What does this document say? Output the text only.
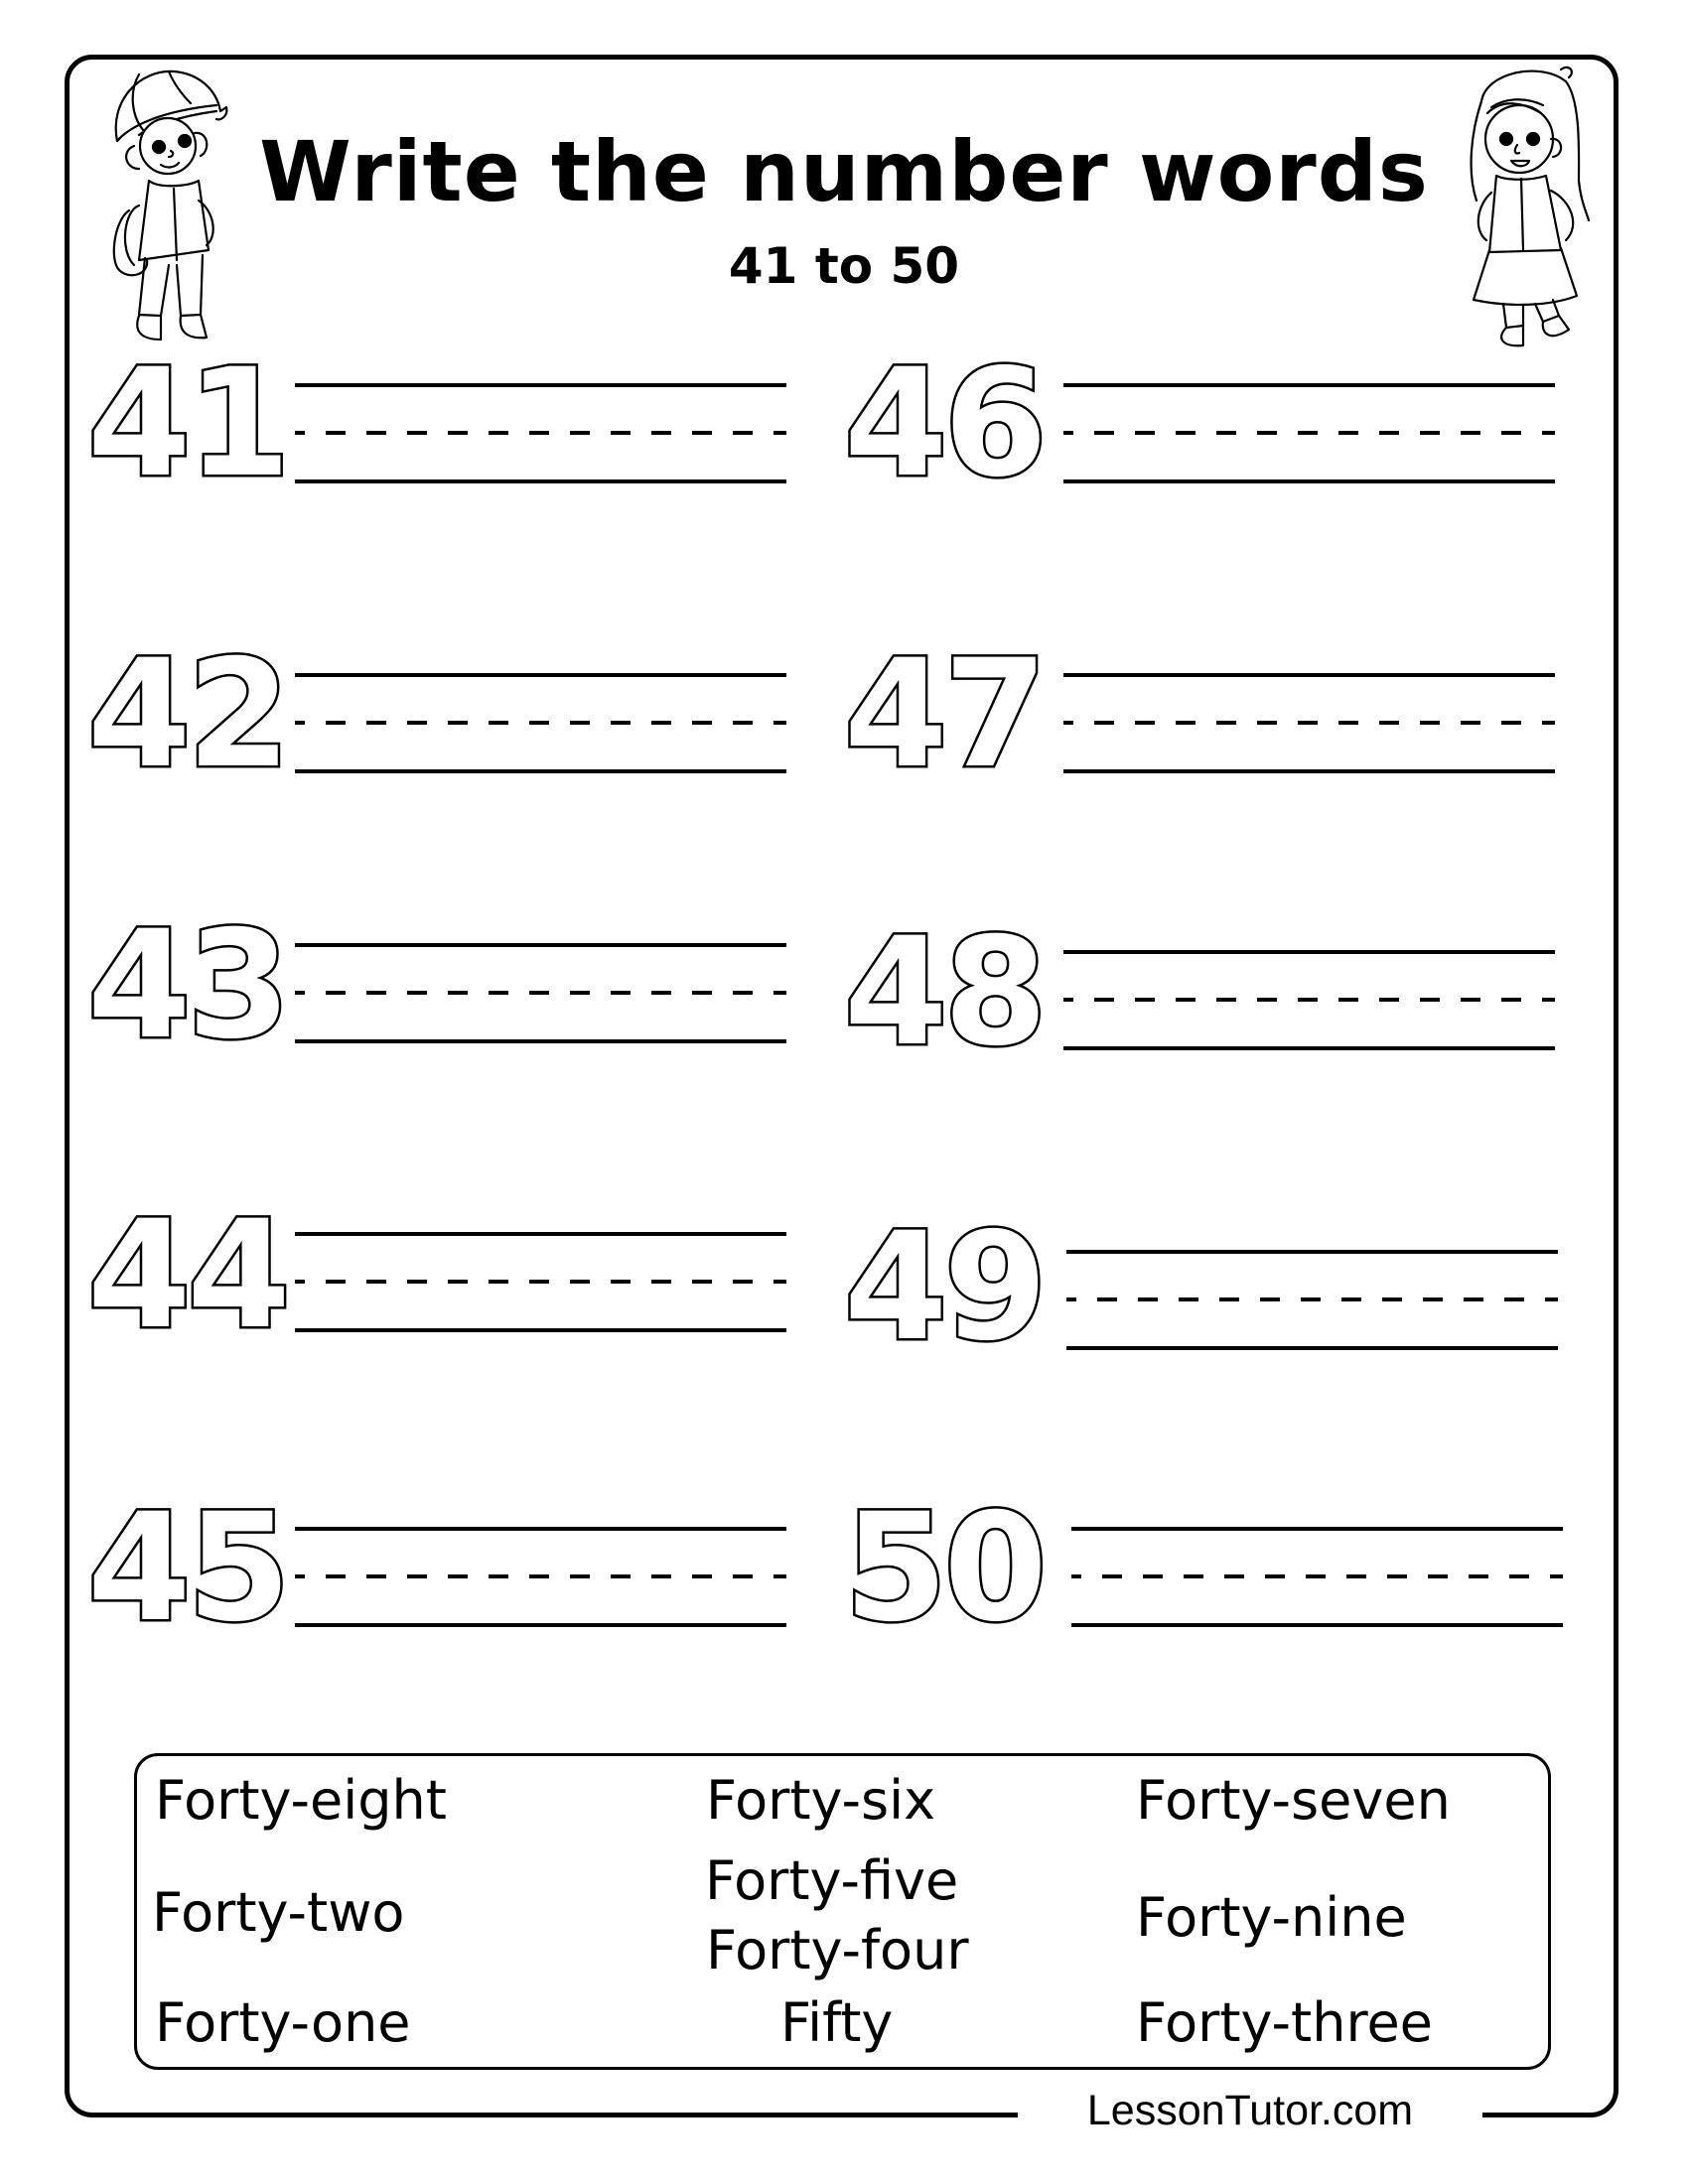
LessonTutor.com
Write the number words
41 to 50
41
42
43
44
45
46
47
48
49
50
Forty-eight
Forty-two
Forty-one
Forty-six
Forty-five
Forty-four
Fifty
Forty-seven
Forty-nine
Forty-three
